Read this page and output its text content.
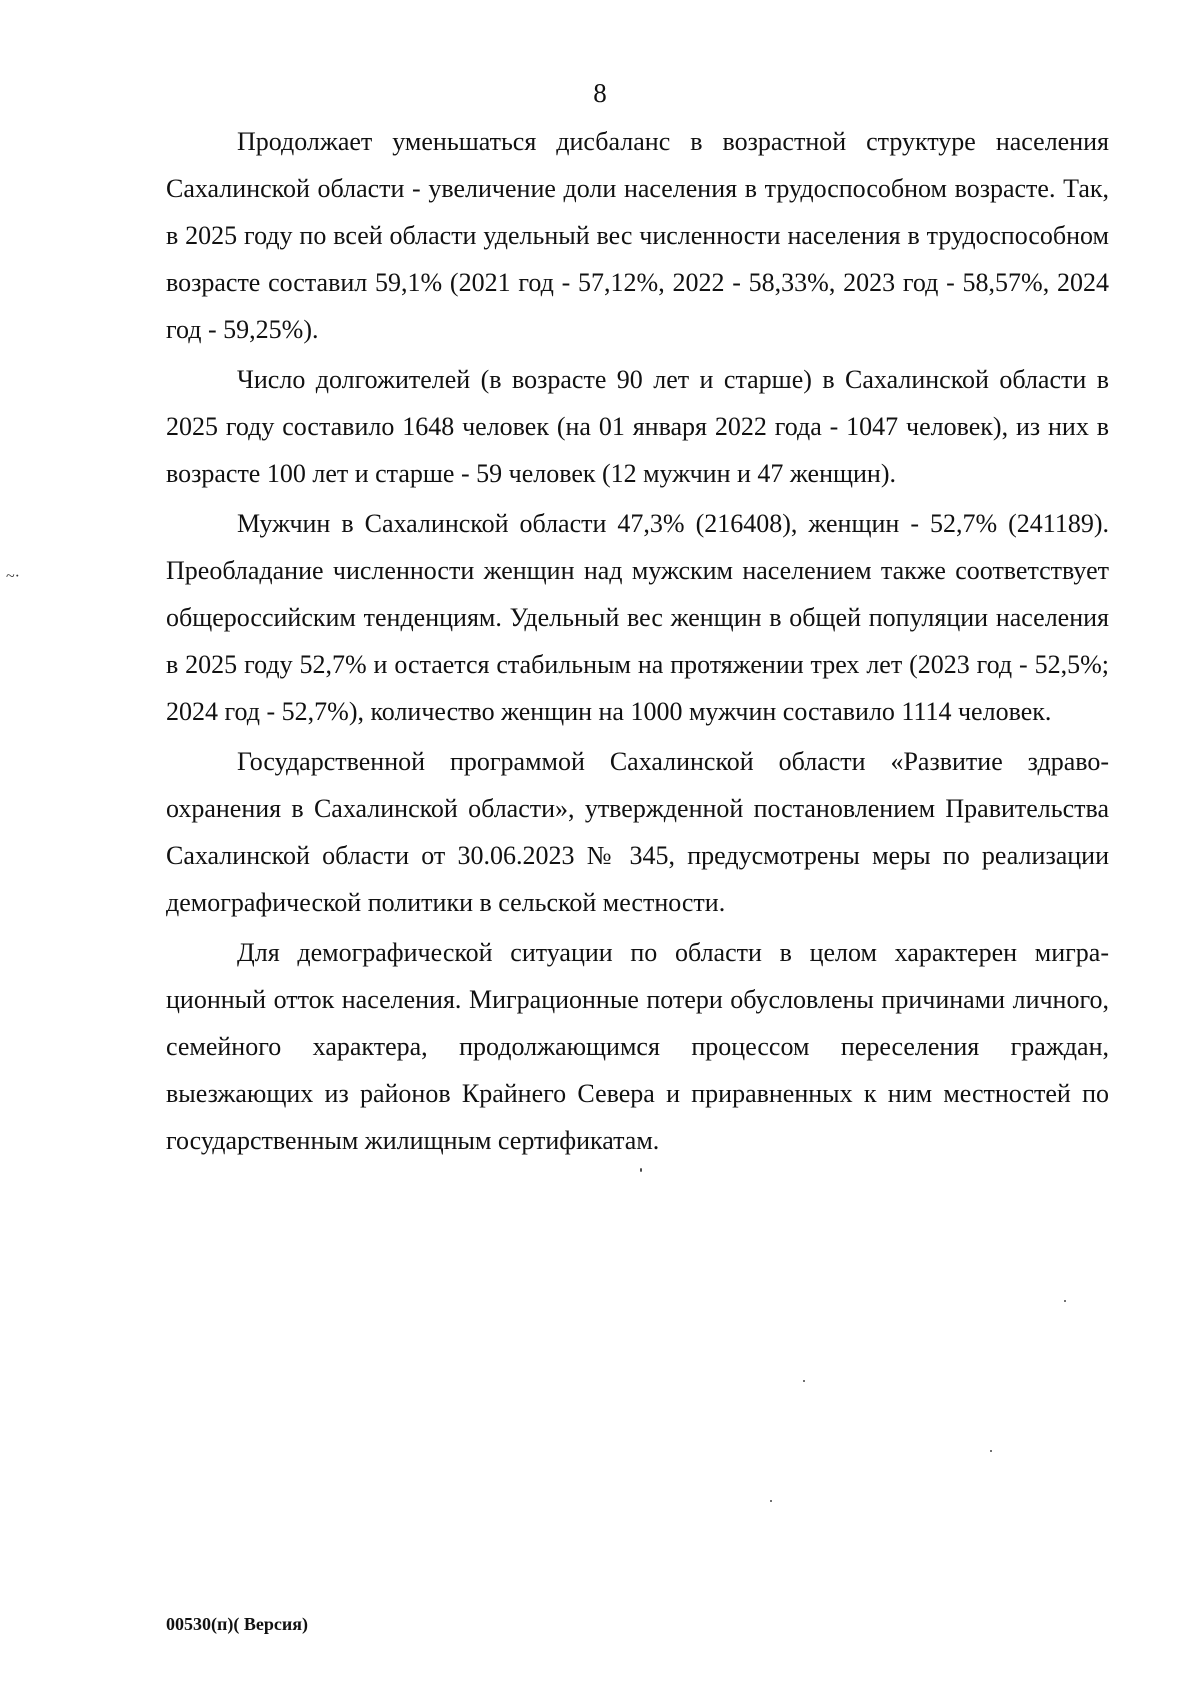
8

Продолжает уменьшаться дисбаланс в возрастной структуре населения Сахалинской области - увеличение доли населения в трудоспособном возрасте. Так, в 2025 году по всей области удельный вес численности населения в трудоспособном возрасте составил 59,1% (2021 год - 57,12%, 2022 - 58,33%, 2023 год - 58,57%, 2024 год - 59,25%).

Число долгожителей (в возрасте 90 лет и старше) в Сахалинской области в 2025 году составило 1648 человек (на 01 января 2022 года - 1047 человек), из них в возрасте 100 лет и старше - 59 человек (12 мужчин и 47 женщин).

Мужчин в Сахалинской области 47,3% (216408), женщин - 52,7% (241189). Преобладание численности женщин над мужским населением также соответствует общероссийским тенденциям. Удельный вес женщин в общей популяции населения в 2025 году 52,7% и остается стабильным на протяжении трех лет (2023 год - 52,5%; 2024 год - 52,7%), количество женщин на 1000 мужчин составило 1114 человек.

Государственной программой Сахалинской области «Развитие здравоохранения в Сахалинской области», утвержденной постановлением Правительства Сахалинской области от 30.06.2023 № 345, предусмотрены меры по реализации демографической политики в сельской местности.

Для демографической ситуации по области в целом характерен миграционный отток населения. Миграционные потери обусловлены причинами личного, семейного характера, продолжающимся процессом переселения граждан, выезжающих из районов Крайнего Севера и приравненных к ним местностей по государственным жилищным сертификатам.

00530(п)( Версия)
~·
